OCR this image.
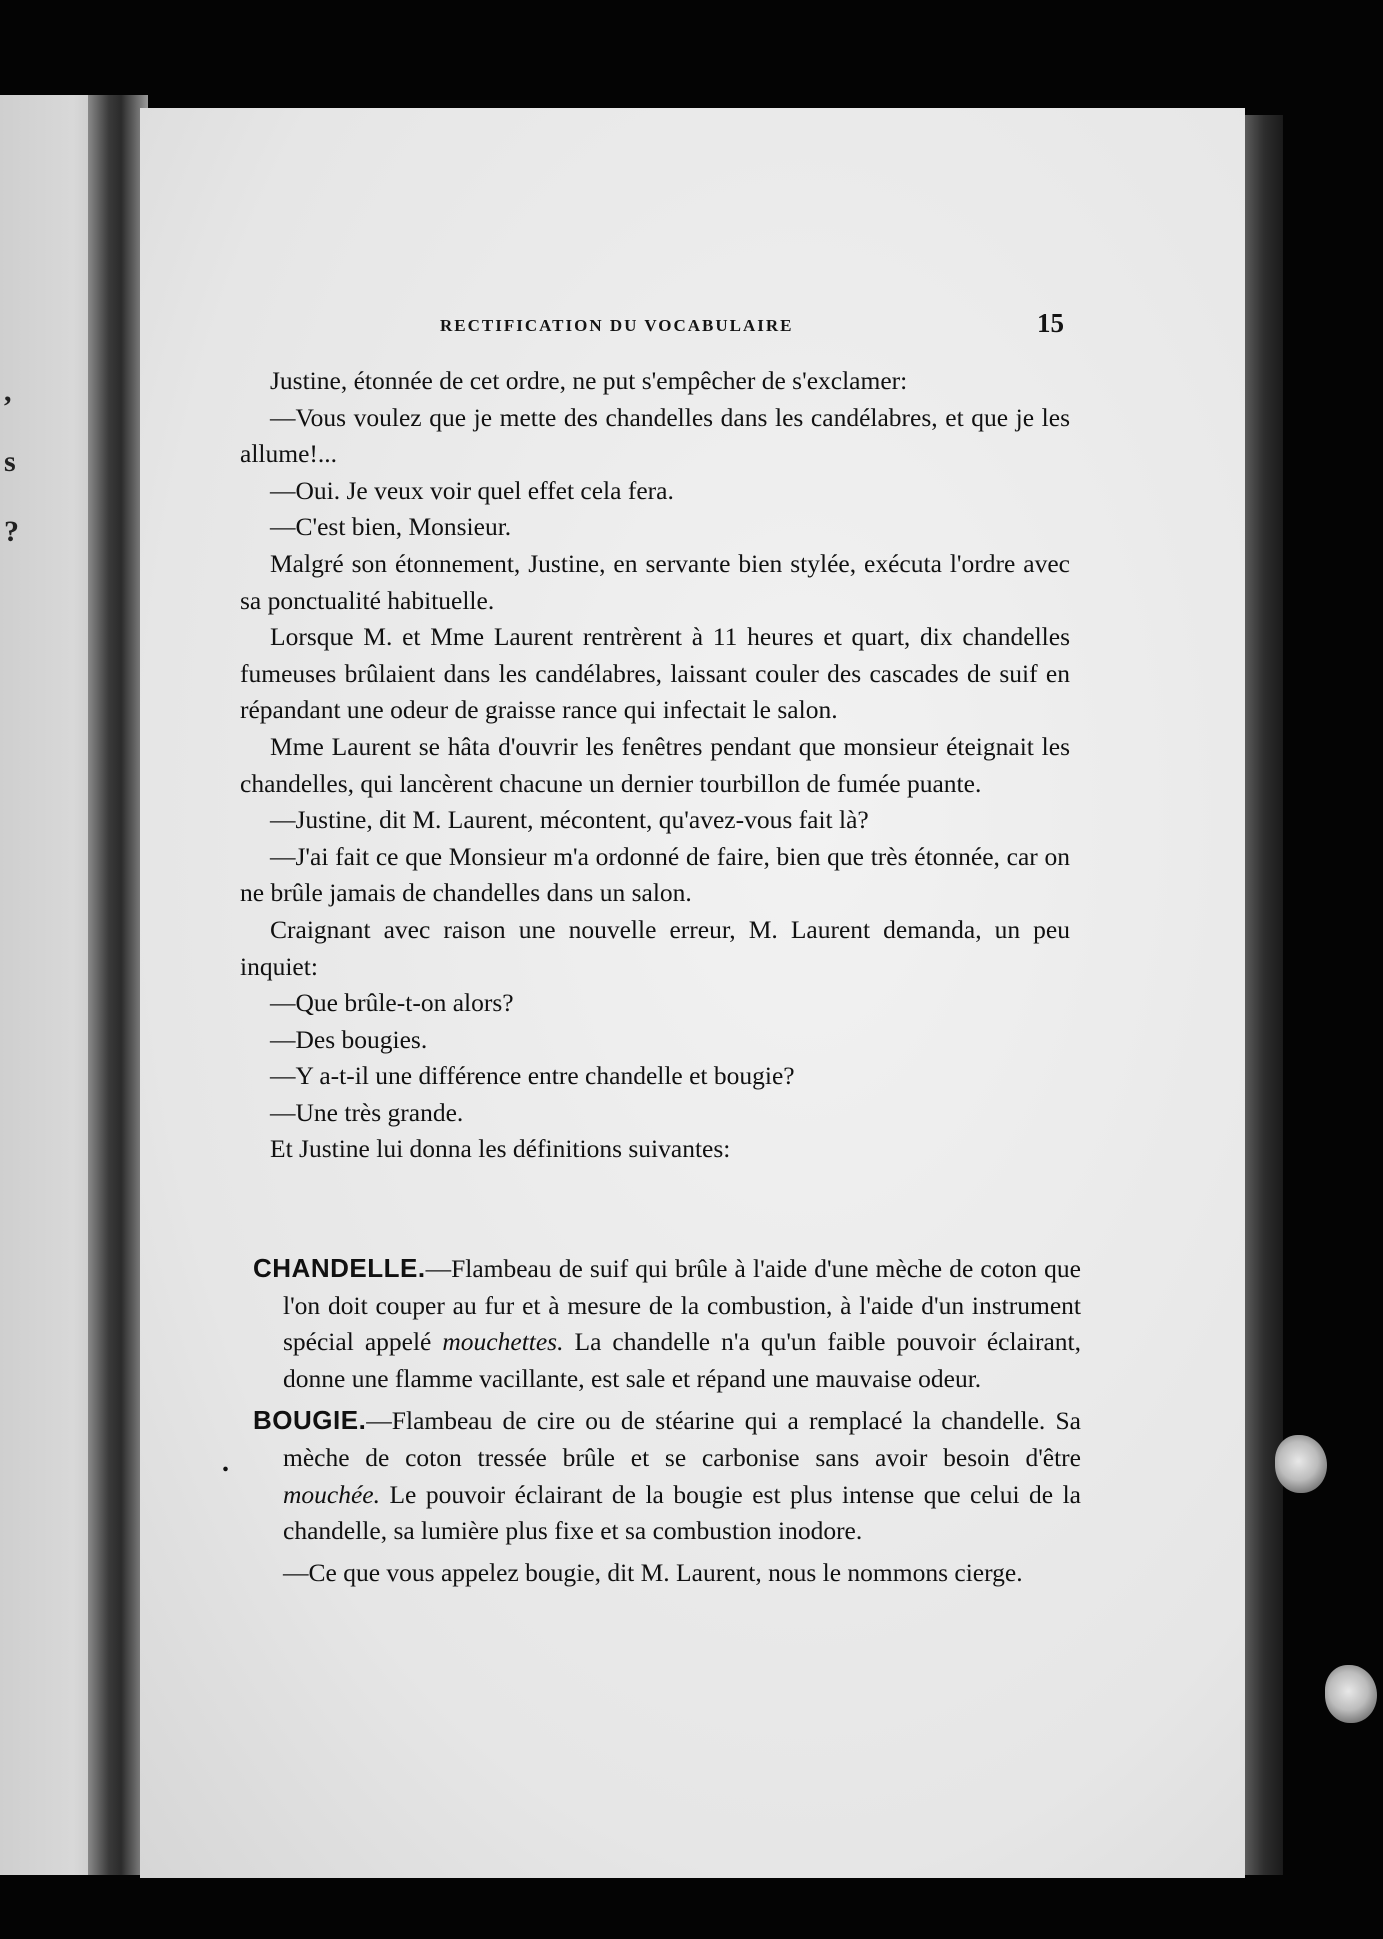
,
s
?
RECTIFICATION DU VOCABULAIRE	15

Justine, étonnée de cet ordre, ne put s'empêcher de s'exclamer:

—Vous voulez que je mette des chandelles dans les candélabres, et que je les allume!...

—Oui. Je veux voir quel effet cela fera.

—C'est bien, Monsieur.

Malgré son étonnement, Justine, en servante bien stylée, exécuta l'ordre avec sa ponctualité habituelle.

Lorsque M. et Mme Laurent rentrèrent à 11 heures et quart, dix chandelles fumeuses brûlaient dans les candélabres, laissant couler des cascades de suif en répandant une odeur de graisse rance qui infectait le salon.

Mme Laurent se hâta d'ouvrir les fenêtres pendant que monsieur éteignait les chandelles, qui lancèrent chacune un dernier tourbillon de fumée puante.

—Justine, dit M. Laurent, mécontent, qu'avez-vous fait là?

—J'ai fait ce que Monsieur m'a ordonné de faire, bien que très étonnée, car on ne brûle jamais de chandelles dans un salon.

Craignant avec raison une nouvelle erreur, M. Laurent demanda, un peu inquiet:

—Que brûle-t-on alors?

—Des bougies.

—Y a-t-il une différence entre chandelle et bougie?

—Une très grande.

Et Justine lui donna les définitions suivantes:

.

CHANDELLE.—Flambeau de suif qui brûle à l'aide d'une mèche de coton que l'on doit couper au fur et à mesure de la combustion, à l'aide d'un instrument spécial appelé mouchettes. La chandelle n'a qu'un faible pouvoir éclairant, donne une flamme vacillante, est sale et répand une mauvaise odeur.

BOUGIE.—Flambeau de cire ou de stéarine qui a remplacé la chandelle. Sa mèche de coton tressée brûle et se carbonise sans avoir besoin d'être mouchée. Le pouvoir éclairant de la bougie est plus intense que celui de la chandelle, sa lumière plus fixe et sa combustion inodore.

—Ce que vous appelez bougie, dit M. Laurent, nous le nommons cierge.
